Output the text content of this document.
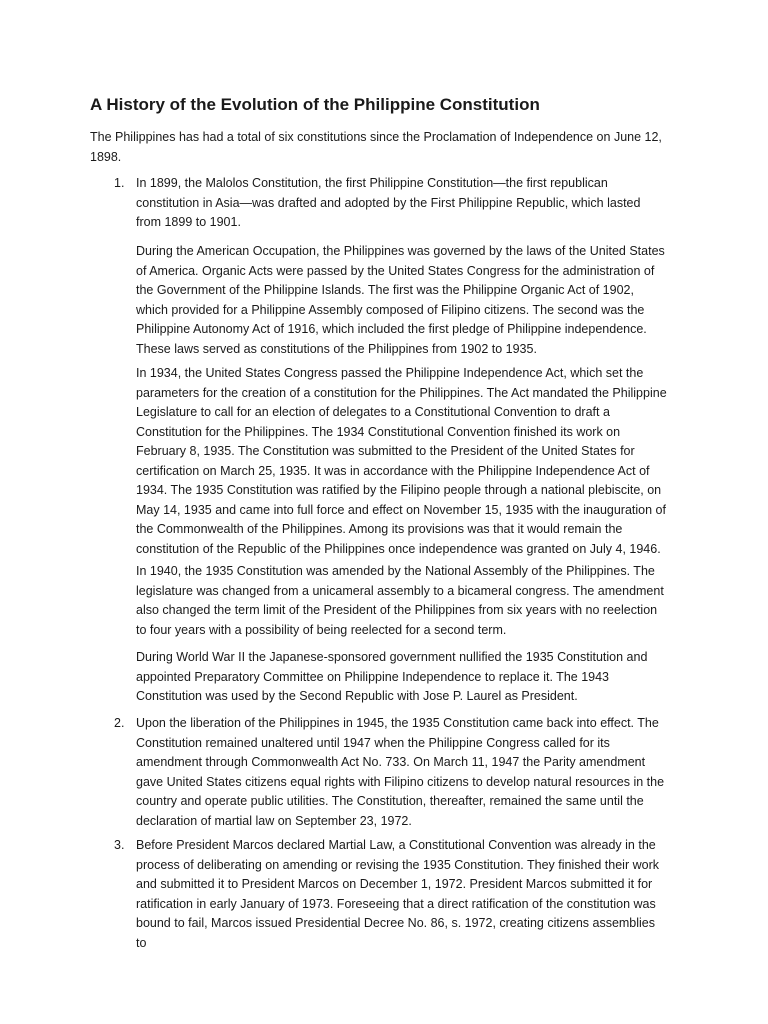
A History of the Evolution of the Philippine Constitution

The Philippines has had a total of six constitutions since the Proclamation of Independence on June 12, 1898.

1. In 1899, the Malolos Constitution, the first Philippine Constitution—the first republican constitution in Asia—was drafted and adopted by the First Philippine Republic, which lasted from 1899 to 1901.

During the American Occupation, the Philippines was governed by the laws of the United States of America. Organic Acts were passed by the United States Congress for the administration of the Government of the Philippine Islands. The first was the Philippine Organic Act of 1902, which provided for a Philippine Assembly composed of Filipino citizens. The second was the Philippine Autonomy Act of 1916, which included the first pledge of Philippine independence. These laws served as constitutions of the Philippines from 1902 to 1935.

In 1934, the United States Congress passed the Philippine Independence Act, which set the parameters for the creation of a constitution for the Philippines. The Act mandated the Philippine Legislature to call for an election of delegates to a Constitutional Convention to draft a Constitution for the Philippines. The 1934 Constitutional Convention finished its work on February 8, 1935. The Constitution was submitted to the President of the United States for certification on March 25, 1935. It was in accordance with the Philippine Independence Act of 1934. The 1935 Constitution was ratified by the Filipino people through a national plebiscite, on May 14, 1935 and came into full force and effect on November 15, 1935 with the inauguration of the Commonwealth of the Philippines. Among its provisions was that it would remain the constitution of the Republic of the Philippines once independence was granted on July 4, 1946.

In 1940, the 1935 Constitution was amended by the National Assembly of the Philippines. The legislature was changed from a unicameral assembly to a bicameral congress. The amendment also changed the term limit of the President of the Philippines from six years with no reelection to four years with a possibility of being reelected for a second term.

During World War II the Japanese-sponsored government nullified the 1935 Constitution and appointed Preparatory Committee on Philippine Independence to replace it. The 1943 Constitution was used by the Second Republic with Jose P. Laurel as President.

2. Upon the liberation of the Philippines in 1945, the 1935 Constitution came back into effect. The Constitution remained unaltered until 1947 when the Philippine Congress called for its amendment through Commonwealth Act No. 733. On March 11, 1947 the Parity amendment gave United States citizens equal rights with Filipino citizens to develop natural resources in the country and operate public utilities. The Constitution, thereafter, remained the same until the declaration of martial law on September 23, 1972.

3. Before President Marcos declared Martial Law, a Constitutional Convention was already in the process of deliberating on amending or revising the 1935 Constitution. They finished their work and submitted it to President Marcos on December 1, 1972. President Marcos submitted it for ratification in early January of 1973. Foreseeing that a direct ratification of the constitution was bound to fail, Marcos issued Presidential Decree No. 86, s. 1972, creating citizens assemblies to
